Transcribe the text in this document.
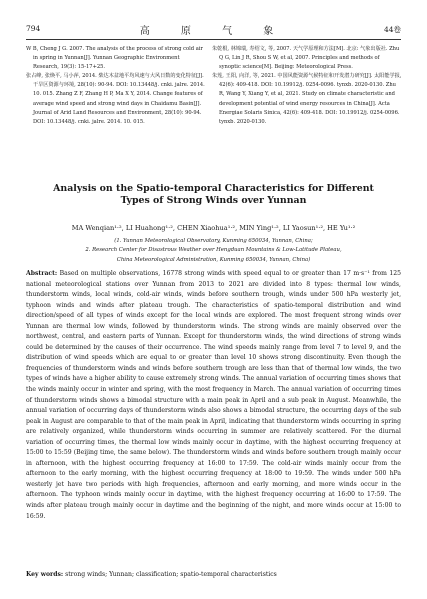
794	高 原 气 象	44卷

W B, Cheng J G. 2007. The analysis of the process of strong cold air in spring in Yunnan[J]. Yunnan Geographic Environment Research, 19(3): 15-17+25.

张占峰, 张焕平, 马小萍, 2014. 柴达木盆地平均风速与大风日数的变化特征[J]. 干旱区资源与环境, 28(10): 90-94. DOI: 10.13448/j. cnki. jalre. 2014. 10. 015. Zhang Z F, Zhang H P, Ma X Y, 2014. Change features of average wind speed and strong wind days in Chaidamu Basin[J]. Journal of Arid Land Resources and Environment, 28(10): 90-94. DOI: 10.13448/j. cnki. jalre. 2014. 10. 015.

朱乾根, 林锦瑞, 寿绍文, 等, 2007. 天气学原理和方法[M]. 北京: 气象出版社. Zhu Q G, Lin J R, Shou S W, et al, 2007. Principles and methods of synoptic science[M]. Beijing: Meteorological Press.

朱莲, 王阳, 向洋, 等, 2021. 中国风能资源气候特征和开发潜力研究[J]. 太阳能学报, 42(6): 409-418. DOI: 10.19912/j. 0254-0096. tynxb. 2020-0130. Zhu R, Wang Y, Xiang Y, et al, 2021. Study on climate characteristic and development potential of wind energy resources in China[J]. Acta Energiae Solaris Sinica, 42(6): 409-418. DOI: 10.19912/j. 0254-0096. tynxb. 2020-0130.

Analysis on the Spatio-temporal Characteristics for Different
Types of Strong Winds over Yunnan
MA Wenqian¹·², LI Huahong¹·², CHEN Xiaohua¹·², MIN Ying¹·², LI Yaosun¹·², HE Yu¹·²
(1. Yunnan Meteorological Observatory, Kunming 650034, Yunnan, China;
2. Research Center for Disastrous Weather over Hengduan Mountains & Low-Latitude Plateau,
China Meteorological Administration, Kunming 650034, Yunnan, China)

Abstract: Based on multiple observations, 16778 strong winds with speed equal to or greater than 17 m·s⁻¹ from 125 national meteorological stations over Yunnan from 2013 to 2021 are divided into 8 types: thermal low winds, thunderstorm winds, local winds, cold-air winds, winds before southern trough, winds under 500 hPa westerly jet, typhoon winds and winds after plateau trough. The characteristics of spatio-temporal distribution and wind direction/speed of all types of winds except for the local winds are explored. The most frequent strong winds over Yunnan are thermal low winds, followed by thunderstorm winds. The strong winds are mainly observed over the northwest, central, and eastern parts of Yunnan. Except for thunderstorm winds, the wind directions of strong winds could be determined by the causes of their occurrence. The wind speeds mainly range from level 7 to level 9, and the distribution of wind speeds which are equal to or greater than level 10 shows strong discontinuity. Even though the frequencies of thunderstorm winds and winds before southern trough are less than that of thermal low winds, the two types of winds have a higher ability to cause extremely strong winds. The annual variation of occurring times shows that the winds mainly occur in winter and spring, with the most frequency in March. The annual variation of occurring times of thunderstorm winds shows a bimodal structure with a main peak in April and a sub peak in August. Meanwhile, the annual variation of occurring days of thunderstorm winds also shows a bimodal structure, the occurring days of the sub peak in August are comparable to that of the main peak in April, indicating that thunderstorm winds occurring in spring are relatively organized, while thunderstorm winds occurring in summer are relatively scattered. For the diurnal variation of occurring times, the thermal low winds mainly occur in daytime, with the highest occurring frequency at 15:00 to 15:59 (Beijing time, the same below). The thunderstorm winds and winds before southern trough mainly occur in afternoon, with the highest occurring frequency at 16:00 to 17:59. The cold-air winds mainly occur from the afternoon to the early morning, with the highest occurring frequency at 18:00 to 19:59. The winds under 500 hPa westerly jet have two periods with high frequencies, afternoon and early morning, and more winds occur in the afternoon. The typhoon winds mainly occur in daytime, with the highest frequency occurring at 16:00 to 17:59. The winds after plateau trough mainly occur in daytime and the beginning of the night, and more winds occur at 15:00 to 16:59.

Key words: strong winds; Yunnan; classification; spatio-temporal characteristics
